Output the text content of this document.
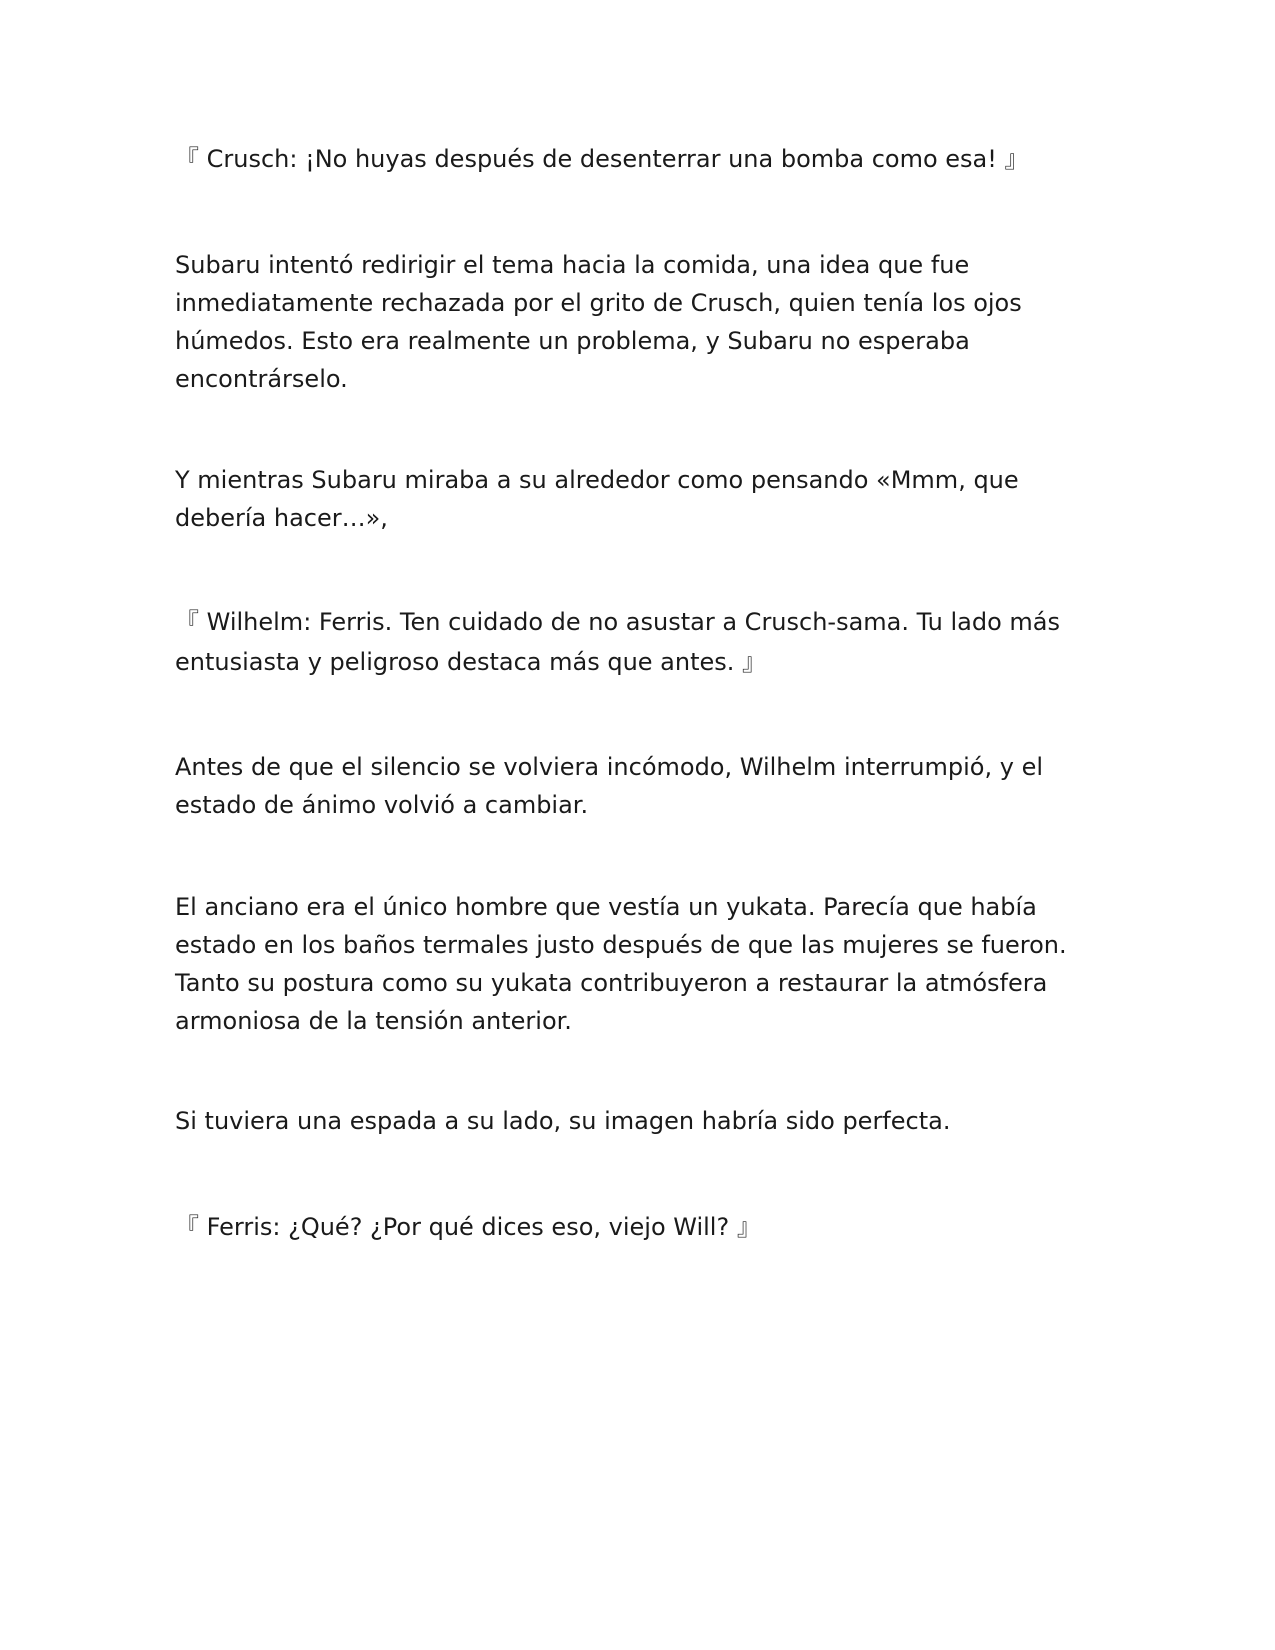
『 Crusch: ¡No huyas después de desenterrar una bomba como esa! 』

Subaru intentó redirigir el tema hacia la comida, una idea que fue
inmediatamente rechazada por el grito de Crusch, quien tenía los ojos
húmedos. Esto era realmente un problema, y Subaru no esperaba
encontrárselo.

Y mientras Subaru miraba a su alrededor como pensando «Mmm, que
debería hacer…»,

『 Wilhelm: Ferris. Ten cuidado de no asustar a Crusch-sama. Tu lado más
entusiasta y peligroso destaca más que antes. 』

Antes de que el silencio se volviera incómodo, Wilhelm interrumpió, y el
estado de ánimo volvió a cambiar.

El anciano era el único hombre que vestía un yukata. Parecía que había
estado en los baños termales justo después de que las mujeres se fueron.
Tanto su postura como su yukata contribuyeron a restaurar la atmósfera
armoniosa de la tensión anterior.

Si tuviera una espada a su lado, su imagen habría sido perfecta.

『 Ferris: ¿Qué? ¿Por qué dices eso, viejo Will? 』
